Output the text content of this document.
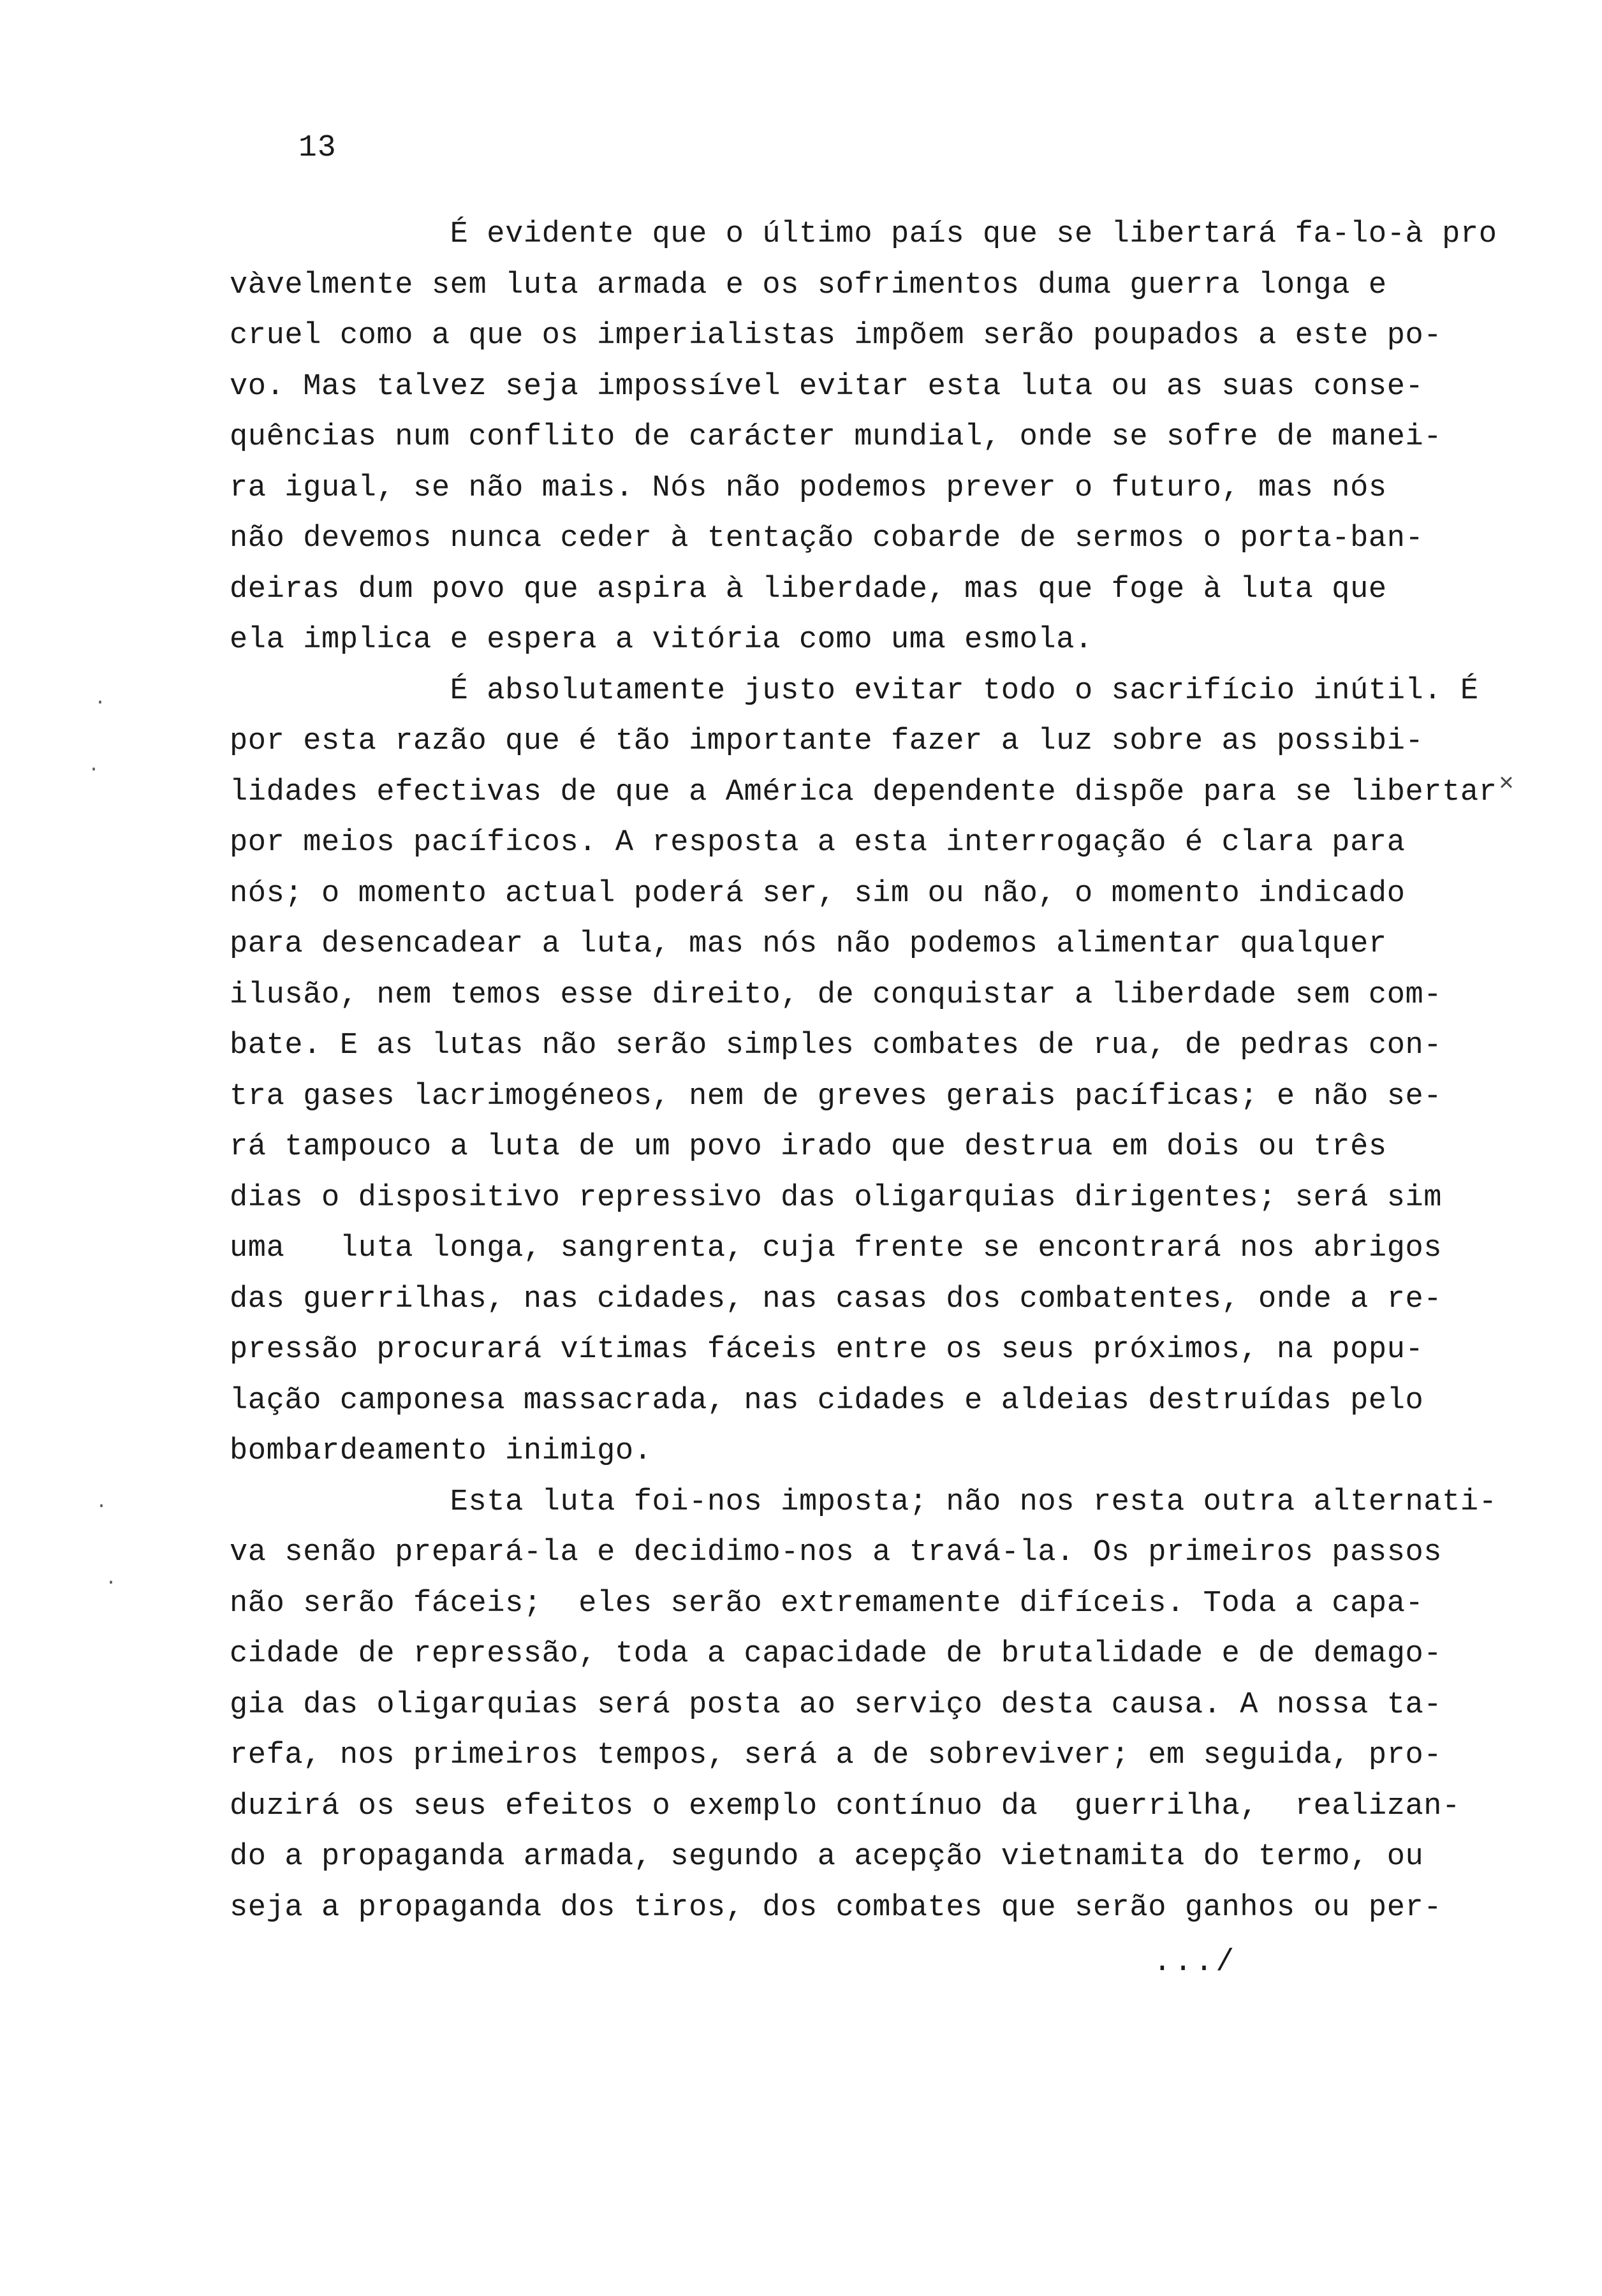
13
É evidente que o último país que se libertará fa-lo-à pro
vàvelmente sem luta armada e os sofrimentos duma guerra longa e
cruel como a que os imperialistas impõem serão poupados a este po-
vo. Mas talvez seja impossível evitar esta luta ou as suas conse-
quências num conflito de carácter mundial, onde se sofre de manei-
ra igual, se não mais. Nós não podemos prever o futuro, mas nós
não devemos nunca ceder à tentação cobarde de sermos o porta-ban-
deiras dum povo que aspira à liberdade, mas que foge à luta que
ela implica e espera a vitória como uma esmola.
É absolutamente justo evitar todo o sacrifício inútil. É
por esta razão que é tão importante fazer a luz sobre as possibi-
lidades efectivas de que a América dependente dispõe para se libertar
por meios pacíficos. A resposta a esta interrogação é clara para
nós; o momento actual poderá ser, sim ou não, o momento indicado
para desencadear a luta, mas nós não podemos alimentar qualquer
ilusão, nem temos esse direito, de conquistar a liberdade sem com-
bate. E as lutas não serão simples combates de rua, de pedras con-
tra gases lacrimogéneos, nem de greves gerais pacíficas; e não se-
rá tampouco a luta de um povo irado que destrua em dois ou três
dias o dispositivo repressivo das oligarquias dirigentes; será sim
uma   luta longa, sangrenta, cuja frente se encontrará nos abrigos
das guerrilhas, nas cidades, nas casas dos combatentes, onde a re-
pressão procurará vítimas fáceis entre os seus próximos, na popu-
lação camponesa massacrada, nas cidades e aldeias destruídas pelo
bombardeamento inimigo.
Esta luta foi-nos imposta; não nos resta outra alternati-
va senão prepará-la e decidimo-nos a travá-la. Os primeiros passos
não serão fáceis;  eles serão extremamente difíceis. Toda a capa-
cidade de repressão, toda a capacidade de brutalidade e de demago-
gia das oligarquias será posta ao serviço desta causa. A nossa ta-
refa, nos primeiros tempos, será a de sobreviver; em seguida, pro-
duzirá os seus efeitos o exemplo contínuo da  guerrilha,  realizan-
do a propaganda armada, segundo a acepção vietnamita do termo, ou
seja a propaganda dos tiros, dos combates que serão ganhos ou per-
.../
·
·
·
·
×
